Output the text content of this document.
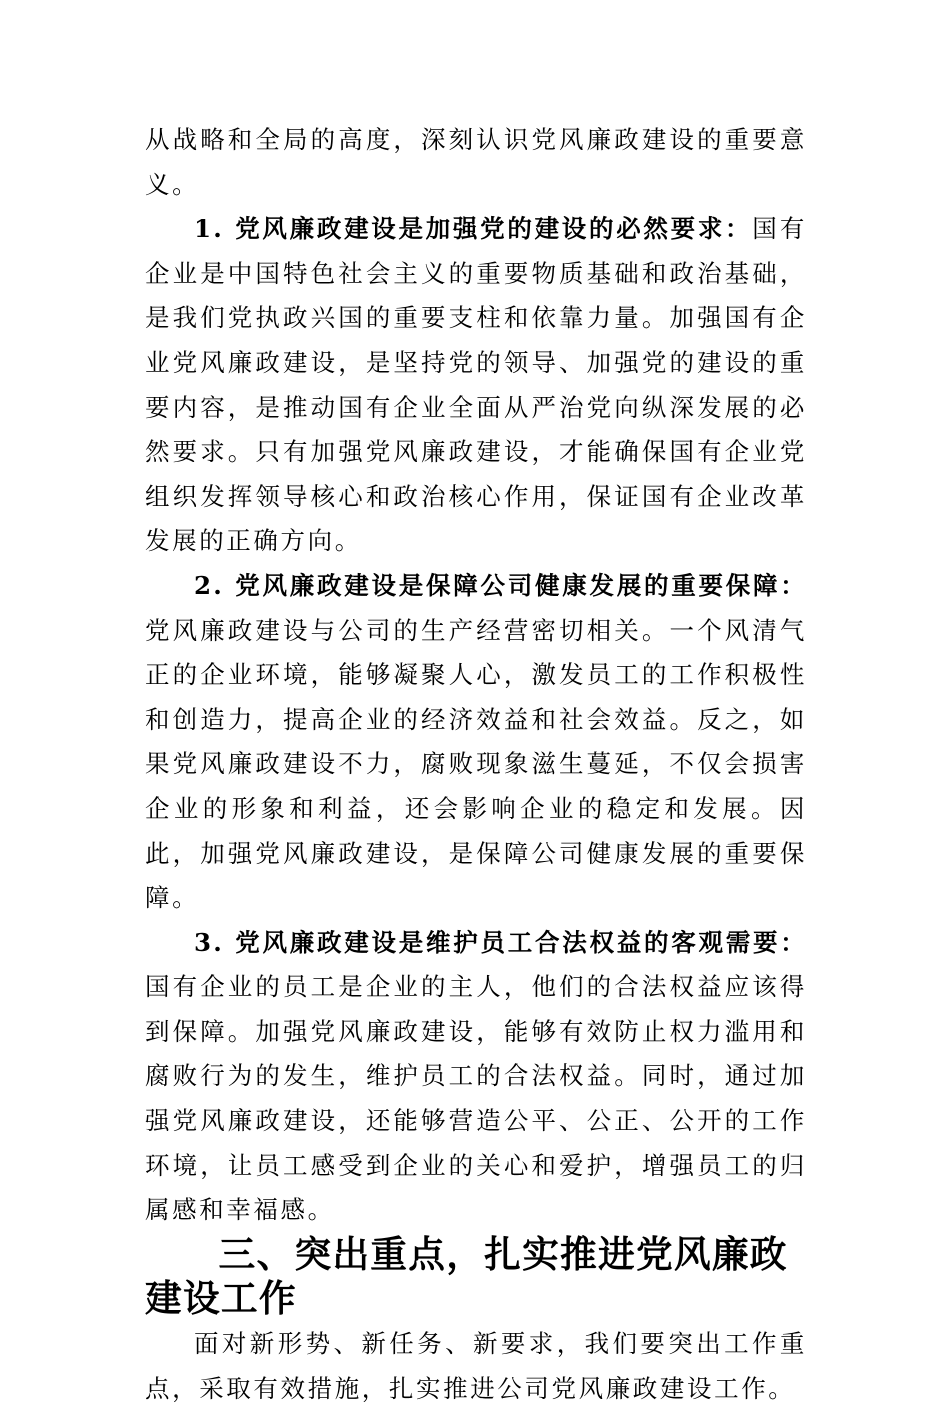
从战略和全局的高度，深刻认识党风廉政建设的重要意义。

1. 党风廉政建设是加强党的建设的必然要求：国有企业是中国特色社会主义的重要物质基础和政治基础，是我们党执政兴国的重要支柱和依靠力量。加强国有企业党风廉政建设，是坚持党的领导、加强党的建设的重要内容，是推动国有企业全面从严治党向纵深发展的必然要求。只有加强党风廉政建设，才能确保国有企业党组织发挥领导核心和政治核心作用，保证国有企业改革发展的正确方向。

2. 党风廉政建设是保障公司健康发展的重要保障：党风廉政建设与公司的生产经营密切相关。一个风清气正的企业环境，能够凝聚人心，激发员工的工作积极性和创造力，提高企业的经济效益和社会效益。反之，如果党风廉政建设不力，腐败现象滋生蔓延，不仅会损害企业的形象和利益，还会影响企业的稳定和发展。因此，加强党风廉政建设，是保障公司健康发展的重要保障。

3. 党风廉政建设是维护员工合法权益的客观需要：国有企业的员工是企业的主人，他们的合法权益应该得到保障。加强党风廉政建设，能够有效防止权力滥用和腐败行为的发生，维护员工的合法权益。同时，通过加强党风廉政建设，还能够营造公平、公正、公开的工作环境，让员工感受到企业的关心和爱护，增强员工的归属感和幸福感。

三、突出重点，扎实推进党风廉政建设工作

面对新形势、新任务、新要求，我们要突出工作重点，采取有效措施，扎实推进公司党风廉政建设工作。
